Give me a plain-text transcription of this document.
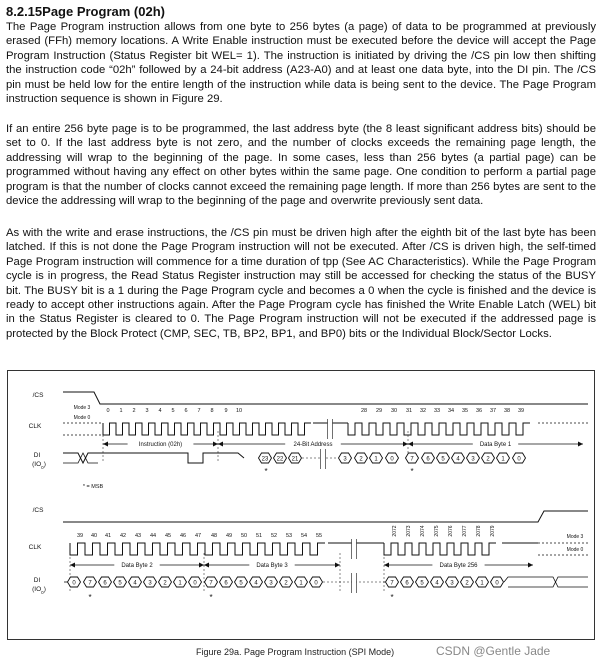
8.2.15Page Program (02h)

The Page Program instruction allows from one byte to 256 bytes (a page) of data to be programmed at previously erased (FFh) memory locations. A Write Enable instruction must be executed before the device will accept the Page Program Instruction (Status Register bit WEL= 1). The instruction is initiated by driving the /CS pin low then shifting the instruction code “02h” followed by a 24-bit address (A23-A0) and at least one data byte, into the DI pin. The /CS pin must be held low for the entire length of the instruction while data is being sent to the device. The Page Program instruction sequence is shown in Figure 29.

If an entire 256 byte page is to be programmed, the last address byte (the 8 least significant address bits) should be set to 0. If the last address byte is not zero, and the number of clocks exceeds the remaining page length, the addressing will wrap to the beginning of the page. In some cases, less than 256 bytes (a partial page) can be programmed without having any effect on other bytes within the same page. One condition to perform a partial page program is that the number of clocks cannot exceed the remaining page length. If more than 256 bytes are sent to the device the addressing will wrap to the beginning of the page and overwrite previously sent data.

As with the write and erase instructions, the /CS pin must be driven high after the eighth bit of the last byte has been latched. If this is not done the Page Program instruction will not be executed. After /CS is driven high, the self-timed Page Program instruction will commence for a time duration of tpp (See AC Characteristics). While the Page Program cycle is in progress, the Read Status Register instruction may still be accessed for checking the status of the BUSY bit. The BUSY bit is a 1 during the Page Program cycle and becomes a 0 when the cycle is finished and the device is ready to accept other instructions again. After the Page Program cycle has finished the Write Enable Latch (WEL) bit in the Status Register is cleared to 0. The Page Program instruction will not be executed if the addressed page is protected by the Block Protect (CMP, SEC, TB, BP2, BP1, and BP0) bits or the Individual Block/Sector Locks.

/CS
CLK
DI
$(IO_0)$
Mode 3
Mode 0
0 1 2 3 4 5 6 7 8 9 10	28 29 30 31 32 33 34 35 36 37 38 39
Instruction (02h)	24-Bit Address	Data Byte 1
23 22 21	3 2 1 0	7 6 5 4 3 2 1 0
*	*
* = MSB
/CS
CLK
DI
$(IO_0)$
Mode 3
Mode 0
39 40 41 42 43 44 45 46 47 48 49 50 51 52 53 54 55	2072 2073 2074 2075 2076 2077 2078 2079
Data Byte 2	Data Byte 3	Data Byte 256
0 7 6 5 4 3 2 1 0 7 6 5 4 3 2 1 0	7 6 5 4 3 2 1 0
*	*	*
Figure 29a. Page Program Instruction (SPI Mode)	CSDN @Gentle Jade
